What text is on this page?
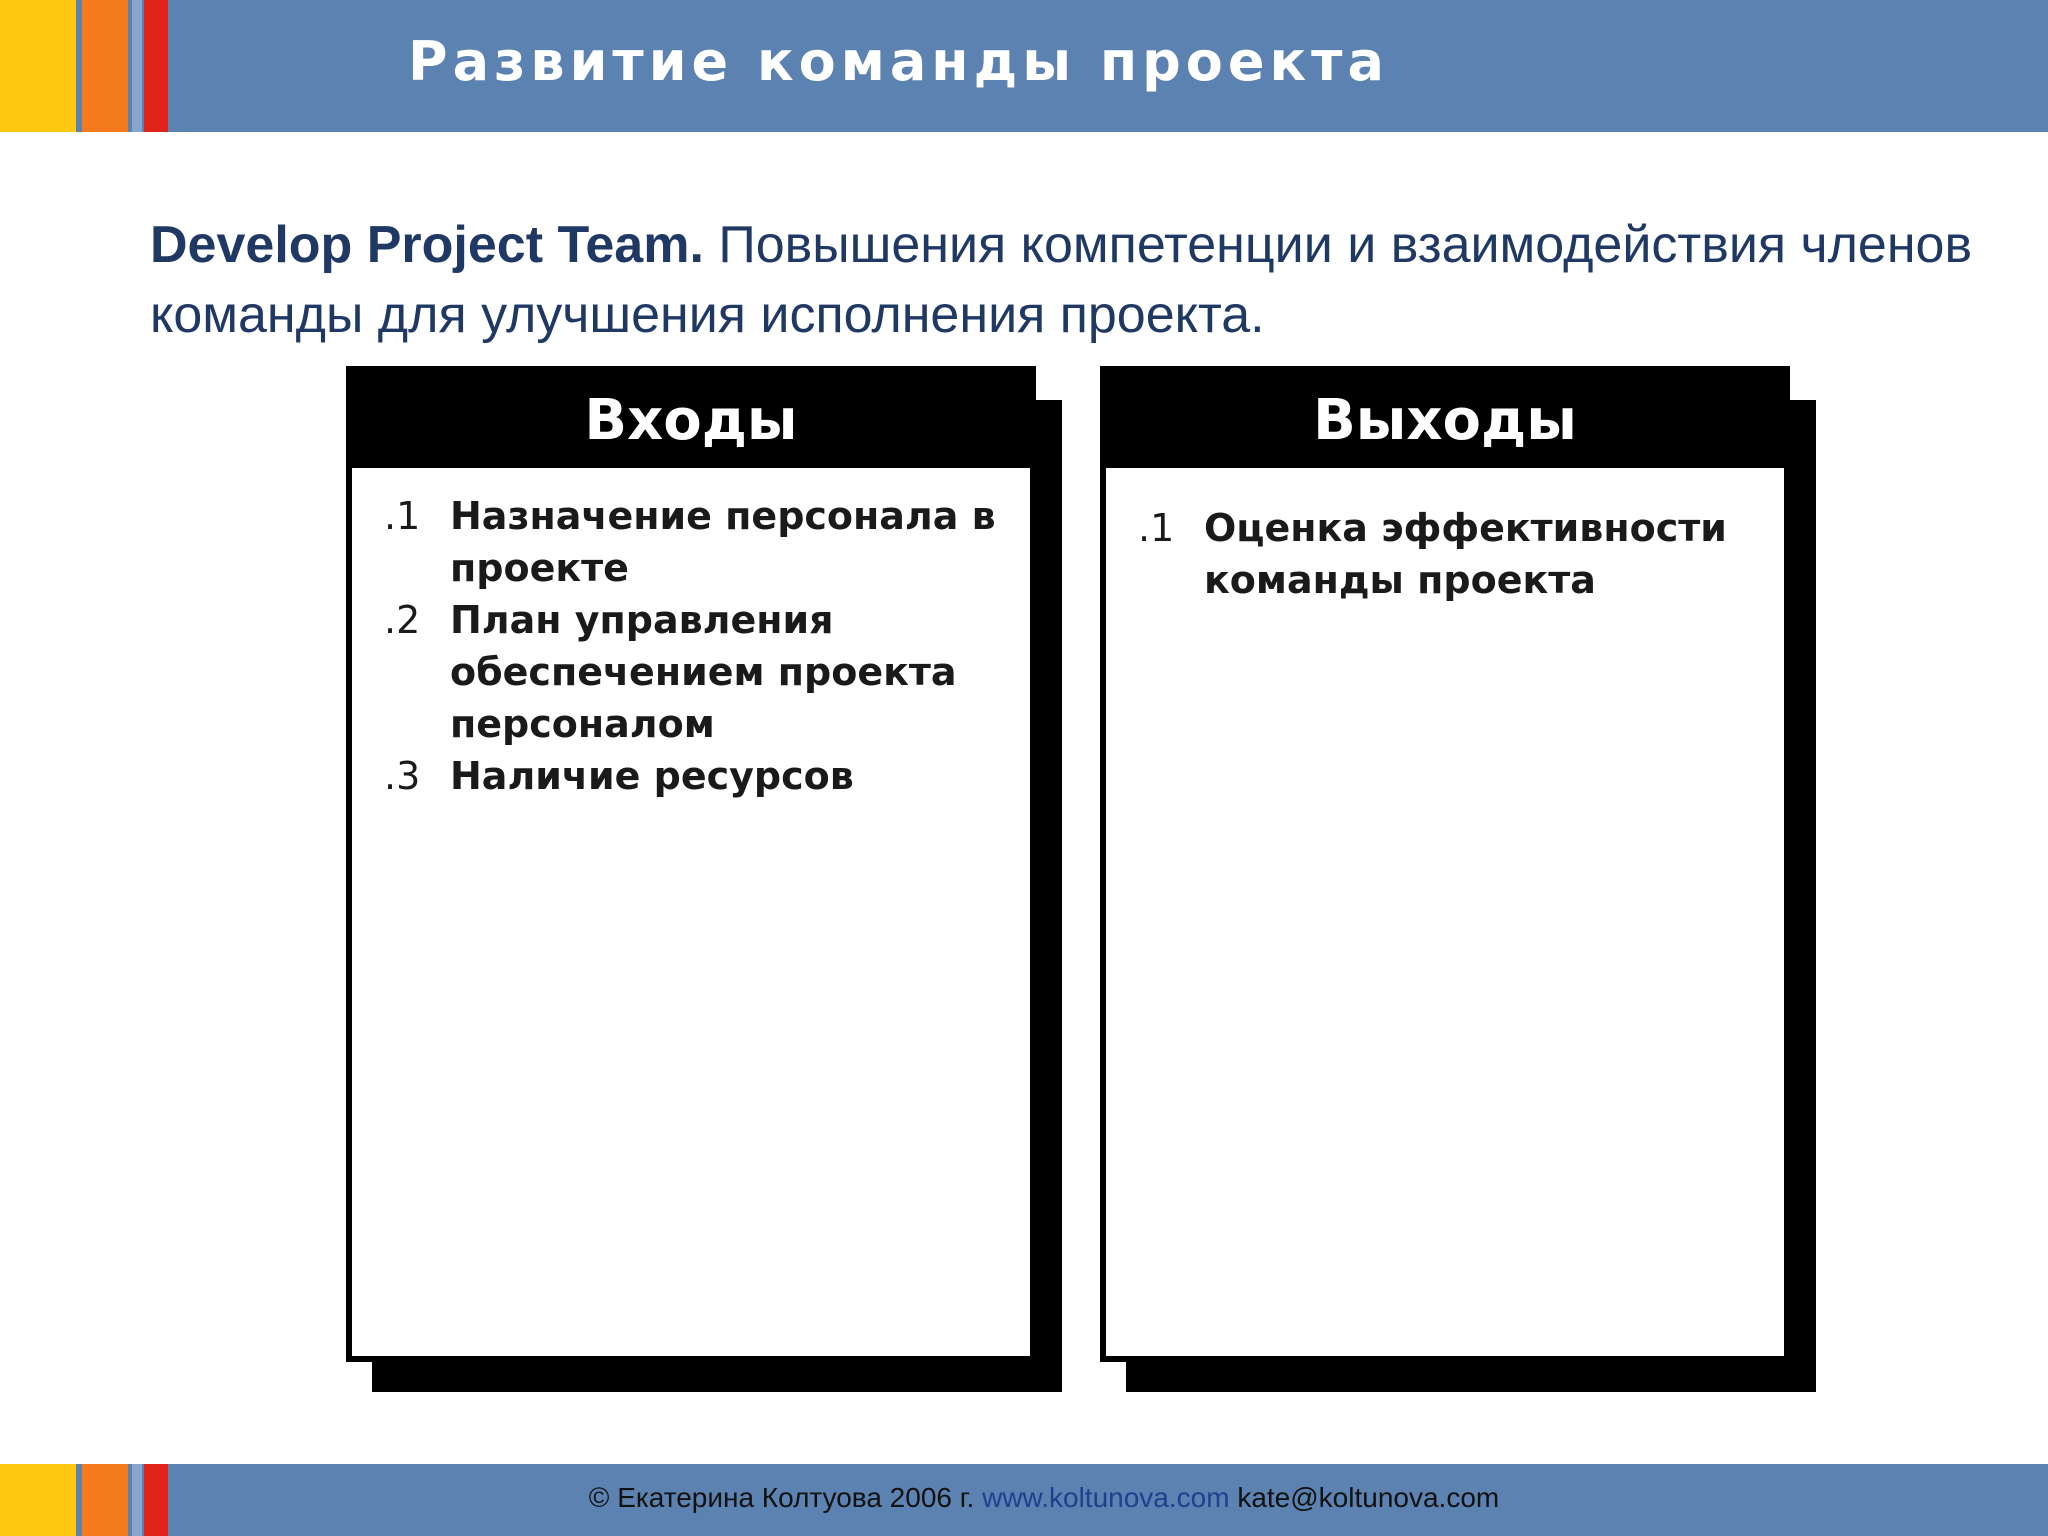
Развитие команды проекта
Develop Project Team. Повышения компетенции и взаимодействия членов команды для улучшения исполнения проекта.
Входы
.1 Назначение персонала в проекте
.2 План управления обеспечением проекта персоналом
.3 Наличие ресурсов
Выходы
.1 Оценка эффективности команды проекта
© Екатерина Колтуова 2006 г. www.koltunova.com kate@koltunova.com
